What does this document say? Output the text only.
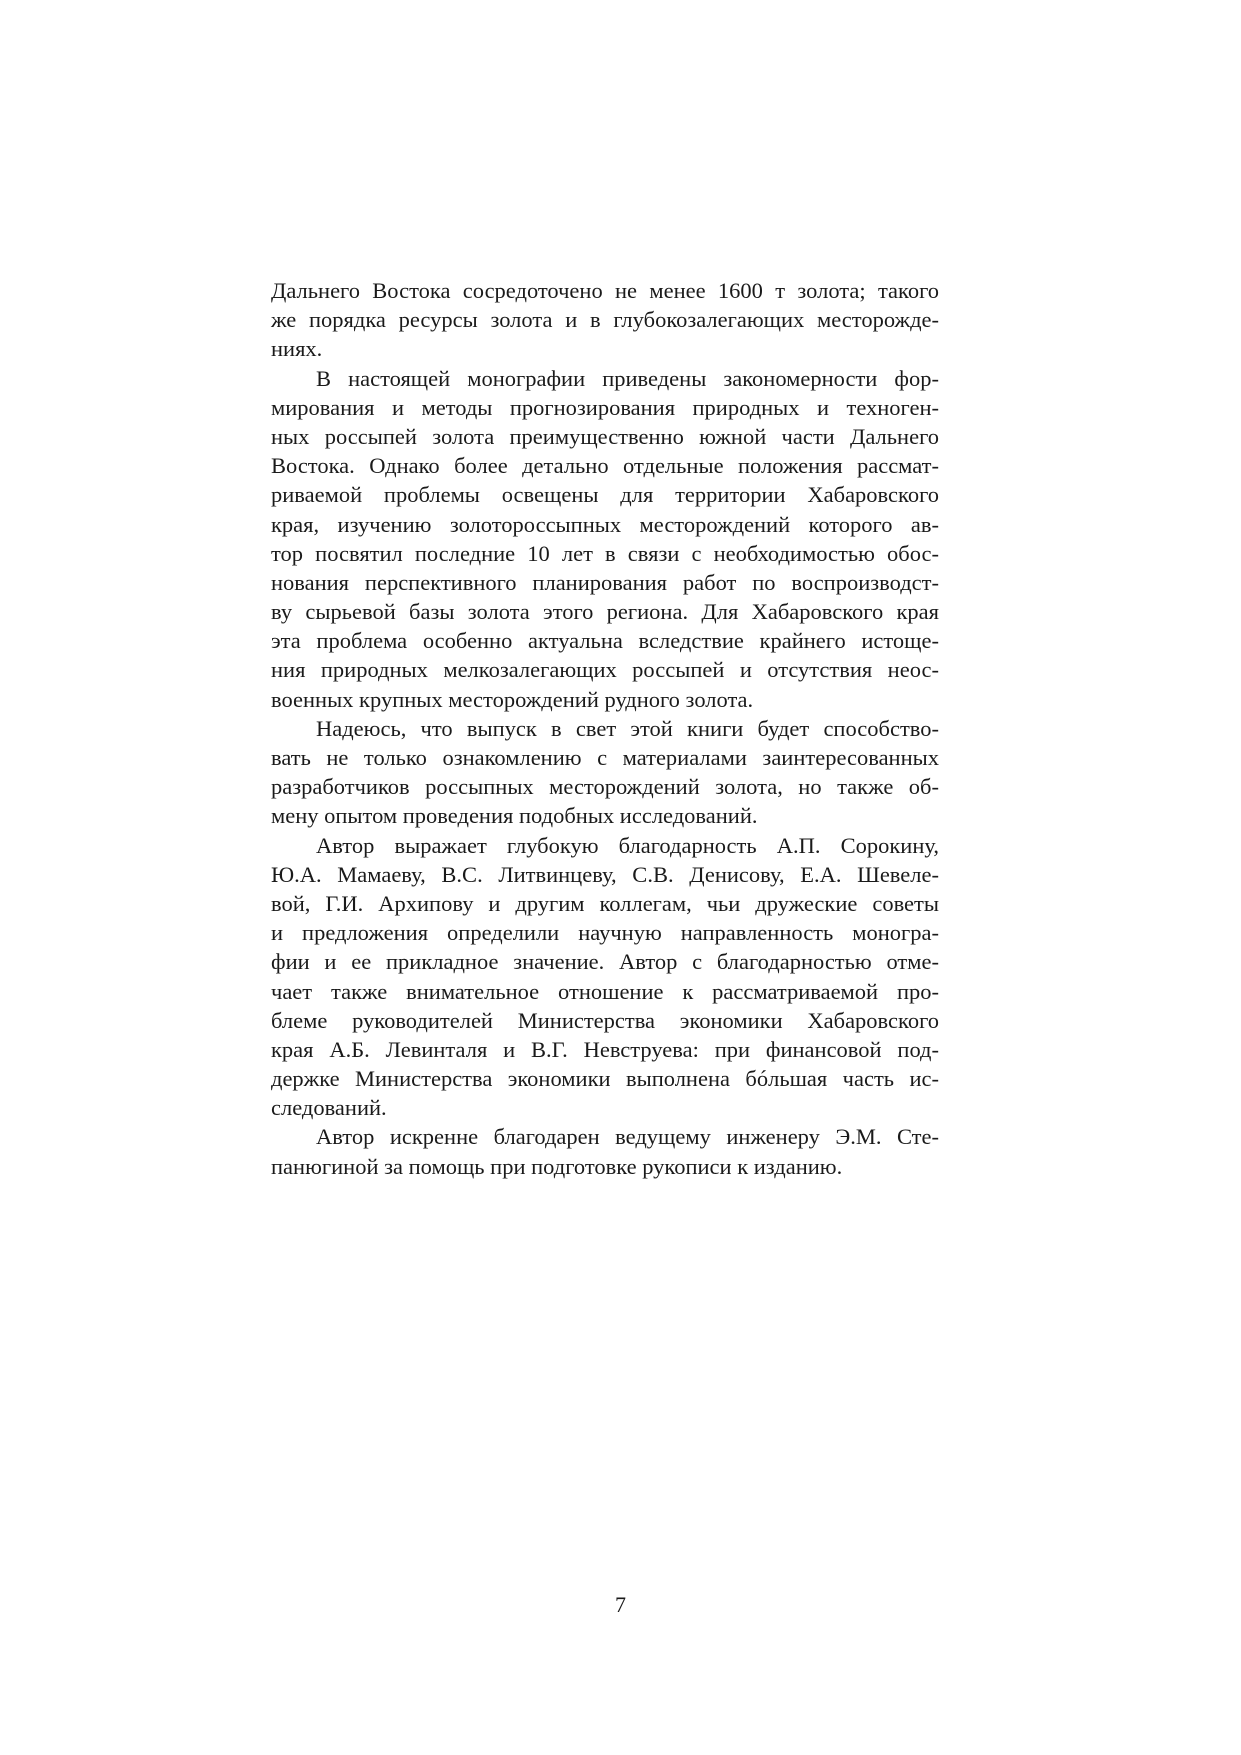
Дальнего Востока сосредоточено не менее 1600 т золота; такого
же порядка ресурсы золота и в глубокозалегающих месторожде-
ниях.
В настоящей монографии приведены закономерности фор-
мирования и методы прогнозирования природных и техноген-
ных россыпей золота преимущественно южной части Дальнего
Востока. Однако более детально отдельные положения рассмат-
риваемой проблемы освещены для территории Хабаровского
края, изучению золотороссыпных месторождений которого ав-
тор посвятил последние 10 лет в связи с необходимостью обос-
нования перспективного планирования работ по воспроизводст-
ву сырьевой базы золота этого региона. Для Хабаровского края
эта проблема особенно актуальна вследствие крайнего истоще-
ния природных мелкозалегающих россыпей и отсутствия неос-
военных крупных месторождений рудного золота.
Надеюсь, что выпуск в свет этой книги будет способство-
вать не только ознакомлению с материалами заинтересованных
разработчиков россыпных месторождений золота, но также об-
мену опытом проведения подобных исследований.
Автор выражает глубокую благодарность А.П. Сорокину,
Ю.А. Мамаеву, В.С. Литвинцеву, С.В. Денисову, Е.А. Шевеле-
вой, Г.И. Архипову и другим коллегам, чьи дружеские советы
и предложения определили научную направленность моногра-
фии и ее прикладное значение. Автор с благодарностью отме-
чает также внимательное отношение к рассматриваемой про-
блеме руководителей Министерства экономики Хабаровского
края А.Б. Левинталя и В.Г. Невструева: при финансовой под-
держке Министерства экономики выполнена бóльшая часть ис-
следований.
Автор искренне благодарен ведущему инженеру Э.М. Сте-
панюгиной за помощь при подготовке рукописи к изданию.
7
